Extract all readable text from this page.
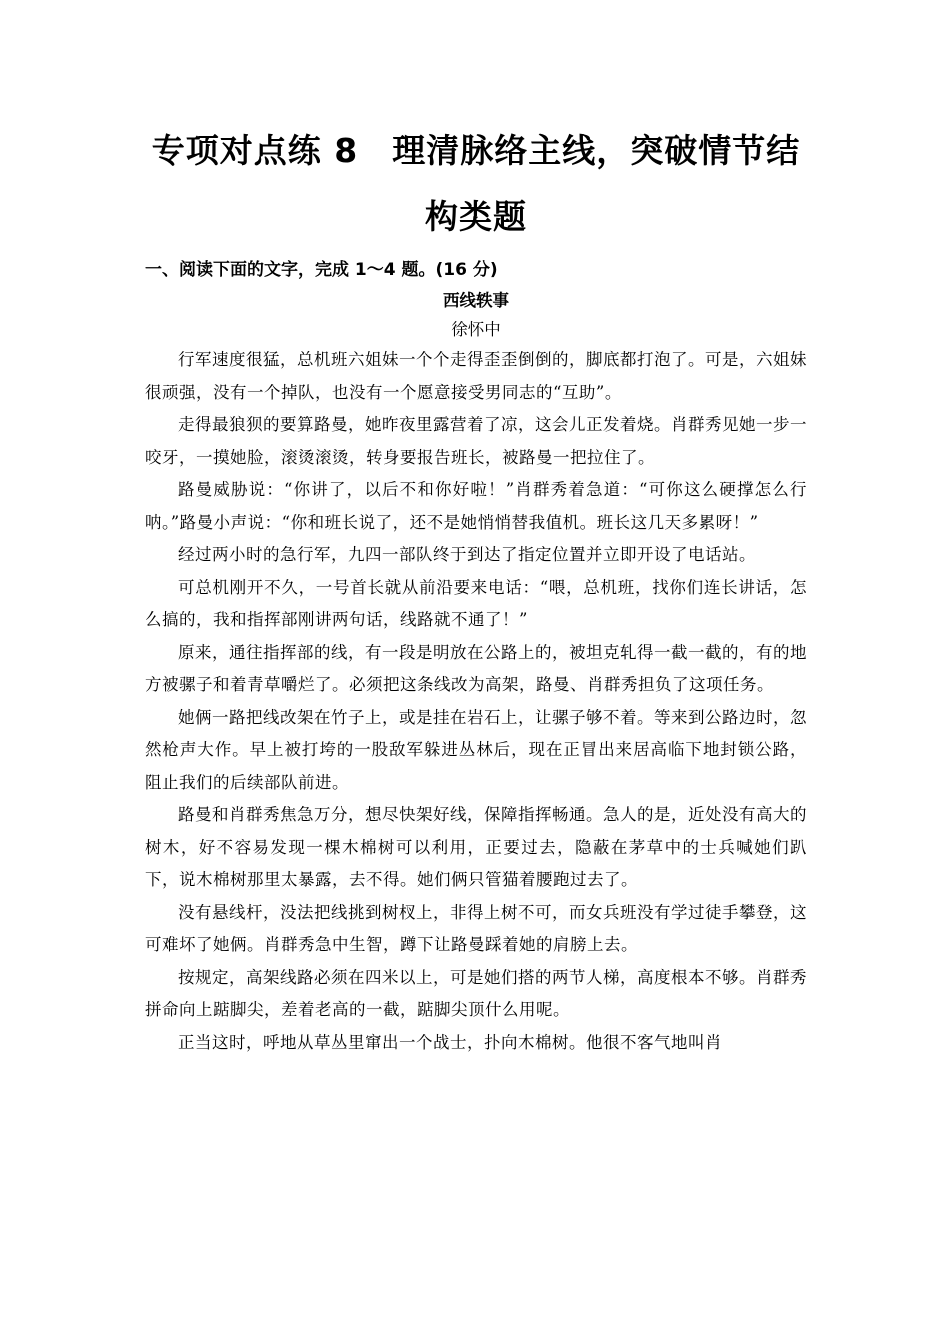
专项对点练 8　理清脉络主线，突破情节结
构类题

一、阅读下面的文字，完成 1～4 题。(16 分)

西线轶事

徐怀中

行军速度很猛，总机班六姐妹一个个走得歪歪倒倒的，脚底都打泡了。可是，六姐妹很顽强，没有一个掉队，也没有一个愿意接受男同志的“互助”。

走得最狼狈的要算路曼，她昨夜里露营着了凉，这会儿正发着烧。肖群秀见她一步一咬牙，一摸她脸，滚烫滚烫，转身要报告班长，被路曼一把拉住了。

路曼威胁说：“你讲了，以后不和你好啦！”肖群秀着急道：“可你这么硬撑怎么行呐。”路曼小声说：“你和班长说了，还不是她悄悄替我值机。班长这几天多累呀！”

经过两小时的急行军，九四一部队终于到达了指定位置并立即开设了电话站。

可总机刚开不久，一号首长就从前沿要来电话：“喂，总机班，找你们连长讲话，怎么搞的，我和指挥部刚讲两句话，线路就不通了！”

原来，通往指挥部的线，有一段是明放在公路上的，被坦克轧得一截一截的，有的地方被骡子和着青草嚼烂了。必须把这条线改为高架，路曼、肖群秀担负了这项任务。

她俩一路把线改架在竹子上，或是挂在岩石上，让骡子够不着。等来到公路边时，忽然枪声大作。早上被打垮的一股敌军躲进丛林后，现在正冒出来居高临下地封锁公路，阻止我们的后续部队前进。

路曼和肖群秀焦急万分，想尽快架好线，保障指挥畅通。急人的是，近处没有高大的树木，好不容易发现一棵木棉树可以利用，正要过去，隐蔽在茅草中的士兵喊她们趴下，说木棉树那里太暴露，去不得。她们俩只管猫着腰跑过去了。

没有悬线杆，没法把线挑到树杈上，非得上树不可，而女兵班没有学过徒手攀登，这可难坏了她俩。肖群秀急中生智，蹲下让路曼踩着她的肩膀上去。

按规定，高架线路必须在四米以上，可是她们搭的两节人梯，高度根本不够。肖群秀拼命向上踮脚尖，差着老高的一截，踮脚尖顶什么用呢。

正当这时，呼地从草丛里窜出一个战士，扑向木棉树。他很不客气地叫肖
